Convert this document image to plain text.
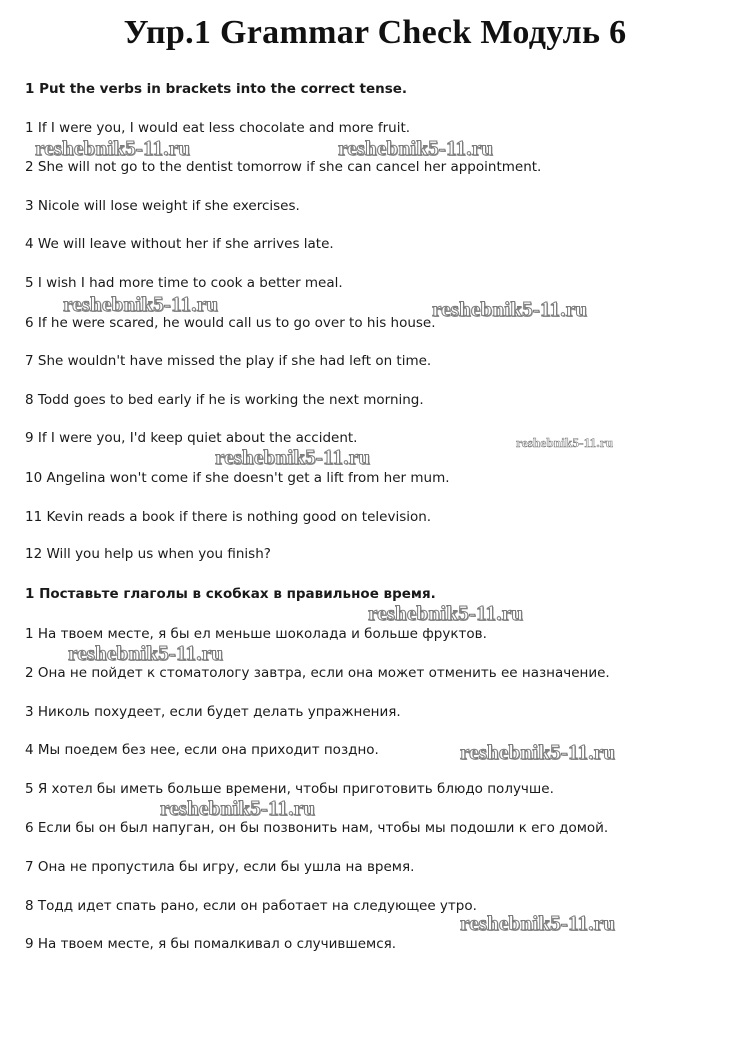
Упр.1 Grammar Check Модуль 6
1 Put the verbs in brackets into the correct tense.
1 If I were you, I would eat less chocolate and more fruit.
2 She will not go to the dentist tomorrow if she can cancel her appointment.
3 Nicole will lose weight if she exercises.
4 We will leave without her if she arrives late.
5 I wish I had more time to cook a better meal.
6 If he were scared, he would call us to go over to his house.
7 She wouldn't have missed the play if she had left on time.
8 Todd goes to bed early if he is working the next morning.
9 If I were you, I'd keep quiet about the accident.
10 Angelina won't come if she doesn't get a lift from her mum.
11 Kevin reads a book if there is nothing good on television.
12 Will you help us when you finish?
1 Поставьте глаголы в скобках в правильное время.
1 На твоем месте, я бы ел меньше шоколада и больше фруктов.
2 Она не пойдет к стоматологу завтра, если она может отменить ее назначение.
3 Николь похудеет, если будет делать упражнения.
4 Мы поедем без нее, если она приходит поздно.
5 Я хотел бы иметь больше времени, чтобы приготовить блюдо получше.
6 Если бы он был напуган, он бы позвонить нам, чтобы мы подошли к его домой.
7 Она не пропустила бы игру, если бы ушла на время.
8 Тодд идет спать рано, если он работает на следующее утро.
9 На твоем месте, я бы помалкивал о случившемся.
reshebnik5-11.ru	reshebnik5-11.ru
reshebnik5-11.ru	reshebnik5-11.ru
reshebnik5-11.ru
reshebnik5-11.ru
reshebnik5-11.ru
reshebnik5-11.ru
reshebnik5-11.ru
reshebnik5-11.ru
reshebnik5-11.ru
